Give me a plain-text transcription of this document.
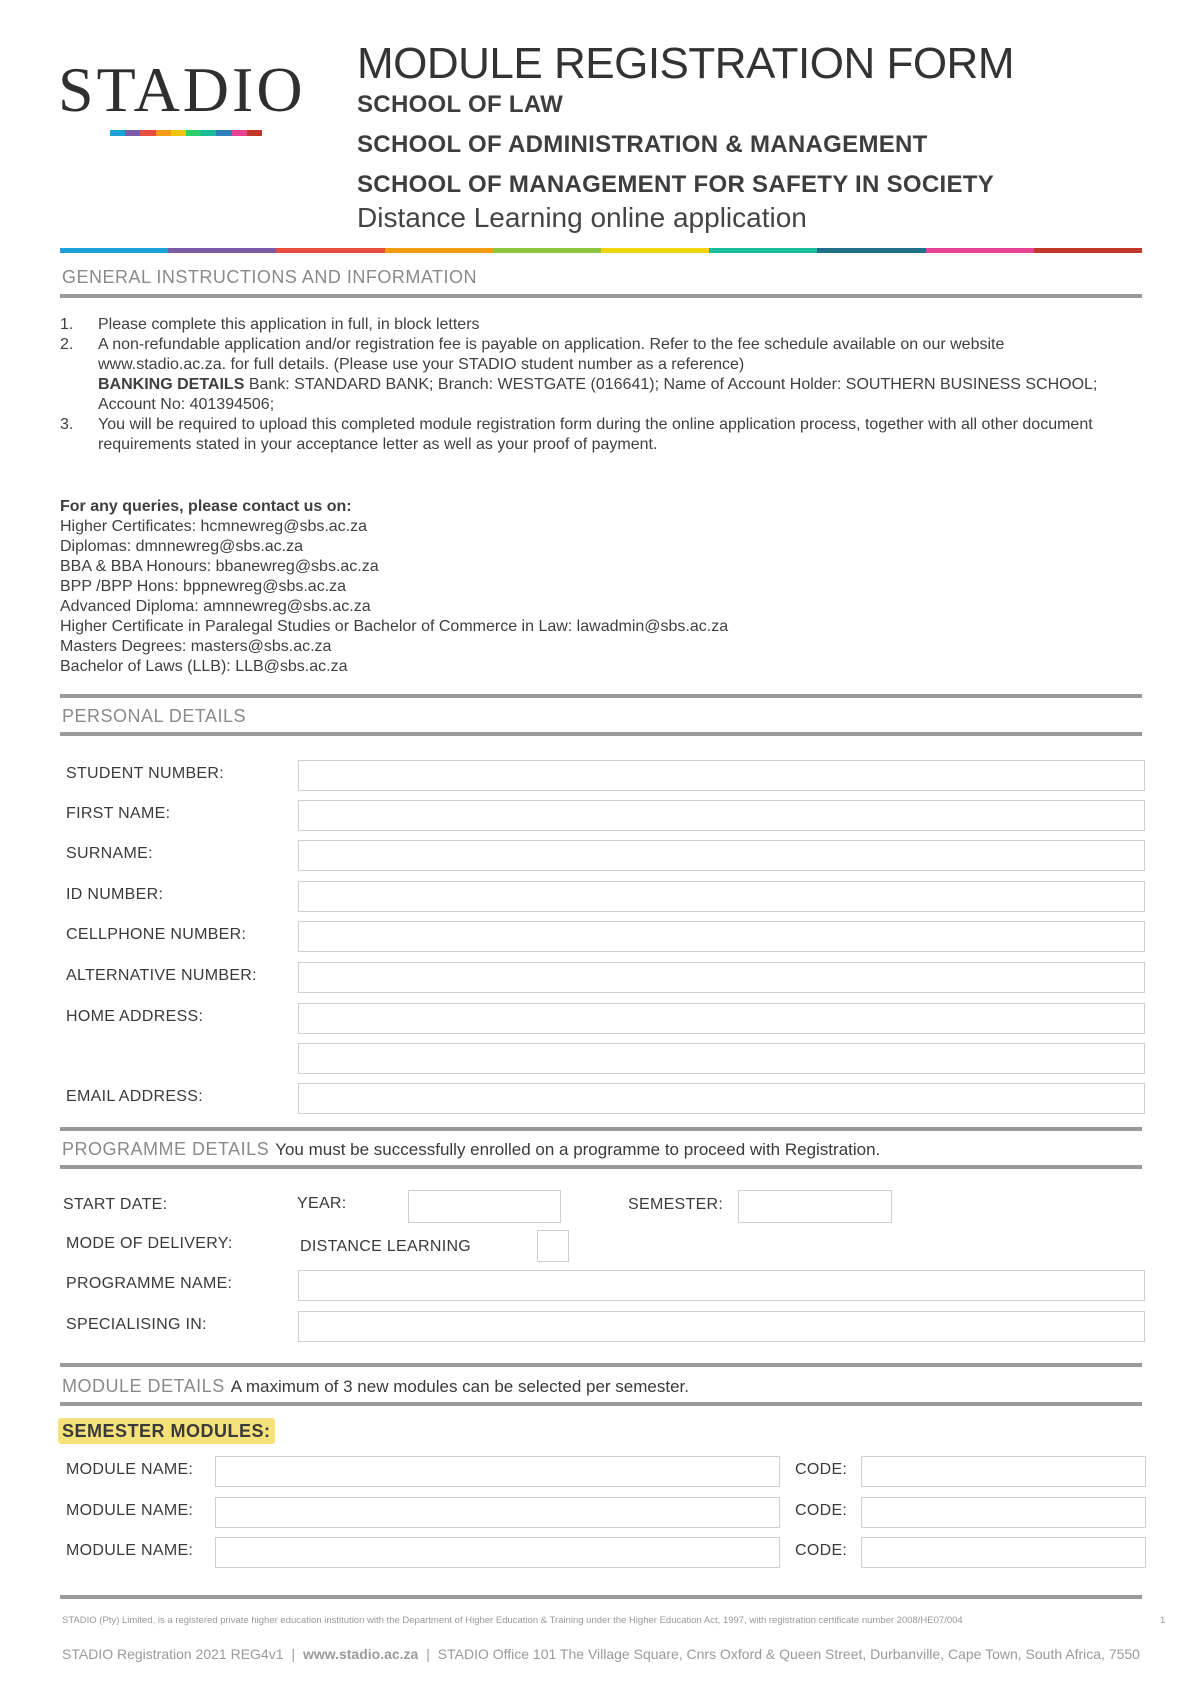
STADIO MODULE REGISTRATION FORM
SCHOOL OF LAW
SCHOOL OF ADMINISTRATION & MANAGEMENT
SCHOOL OF MANAGEMENT FOR SAFETY IN SOCIETY
Distance Learning online application
GENERAL INSTRUCTIONS AND INFORMATION
1.	Please complete this application in full, in block letters
2.	A non-refundable application and/or registration fee is payable on application. Refer to the fee schedule available on our website www.stadio.ac.za. for full details. (Please use your STADIO student number as a reference)
BANKING DETAILS Bank: STANDARD BANK; Branch: WESTGATE (016641); Name of Account Holder: SOUTHERN BUSINESS SCHOOL; Account No: 401394506;
3.	You will be required to upload this completed module registration form during the online application process, together with all other document requirements stated in your acceptance letter as well as your proof of payment.
For any queries, please contact us on:
Higher Certificates: hcmnewreg@sbs.ac.za
Diplomas: dmnnewreg@sbs.ac.za
BBA & BBA Honours: bbanewreg@sbs.ac.za
BPP /BPP Hons: bppnewreg@sbs.ac.za
Advanced Diploma: amnnewreg@sbs.ac.za
Higher Certificate in Paralegal Studies or Bachelor of Commerce in Law: lawadmin@sbs.ac.za
Masters Degrees: masters@sbs.ac.za
Bachelor of Laws (LLB): LLB@sbs.ac.za
PERSONAL DETAILS
STUDENT NUMBER:
FIRST NAME:
SURNAME:
ID NUMBER:
CELLPHONE NUMBER:
ALTERNATIVE NUMBER:
HOME ADDRESS:
EMAIL ADDRESS:
PROGRAMME DETAILS You must be successfully enrolled on a programme to proceed with Registration.
START DATE:	YEAR:	SEMESTER:
MODE OF DELIVERY:	DISTANCE LEARNING
PROGRAMME NAME:
SPECIALISING IN:
MODULE DETAILS A maximum of 3 new modules can be selected per semester.
SEMESTER MODULES:
MODULE NAME:	CODE:
MODULE NAME:	CODE:
MODULE NAME:	CODE:
STADIO (Pty) Limited, is a registered private higher education institution with the Department of Higher Education & Training under the Higher Education Act, 1997, with registration certificate number 2008/HE07/004	1
STADIO Registration 2021 REG4v1 | www.stadio.ac.za | STADIO Office 101 The Village Square, Cnrs Oxford & Queen Street, Durbanville, Cape Town, South Africa, 7550
